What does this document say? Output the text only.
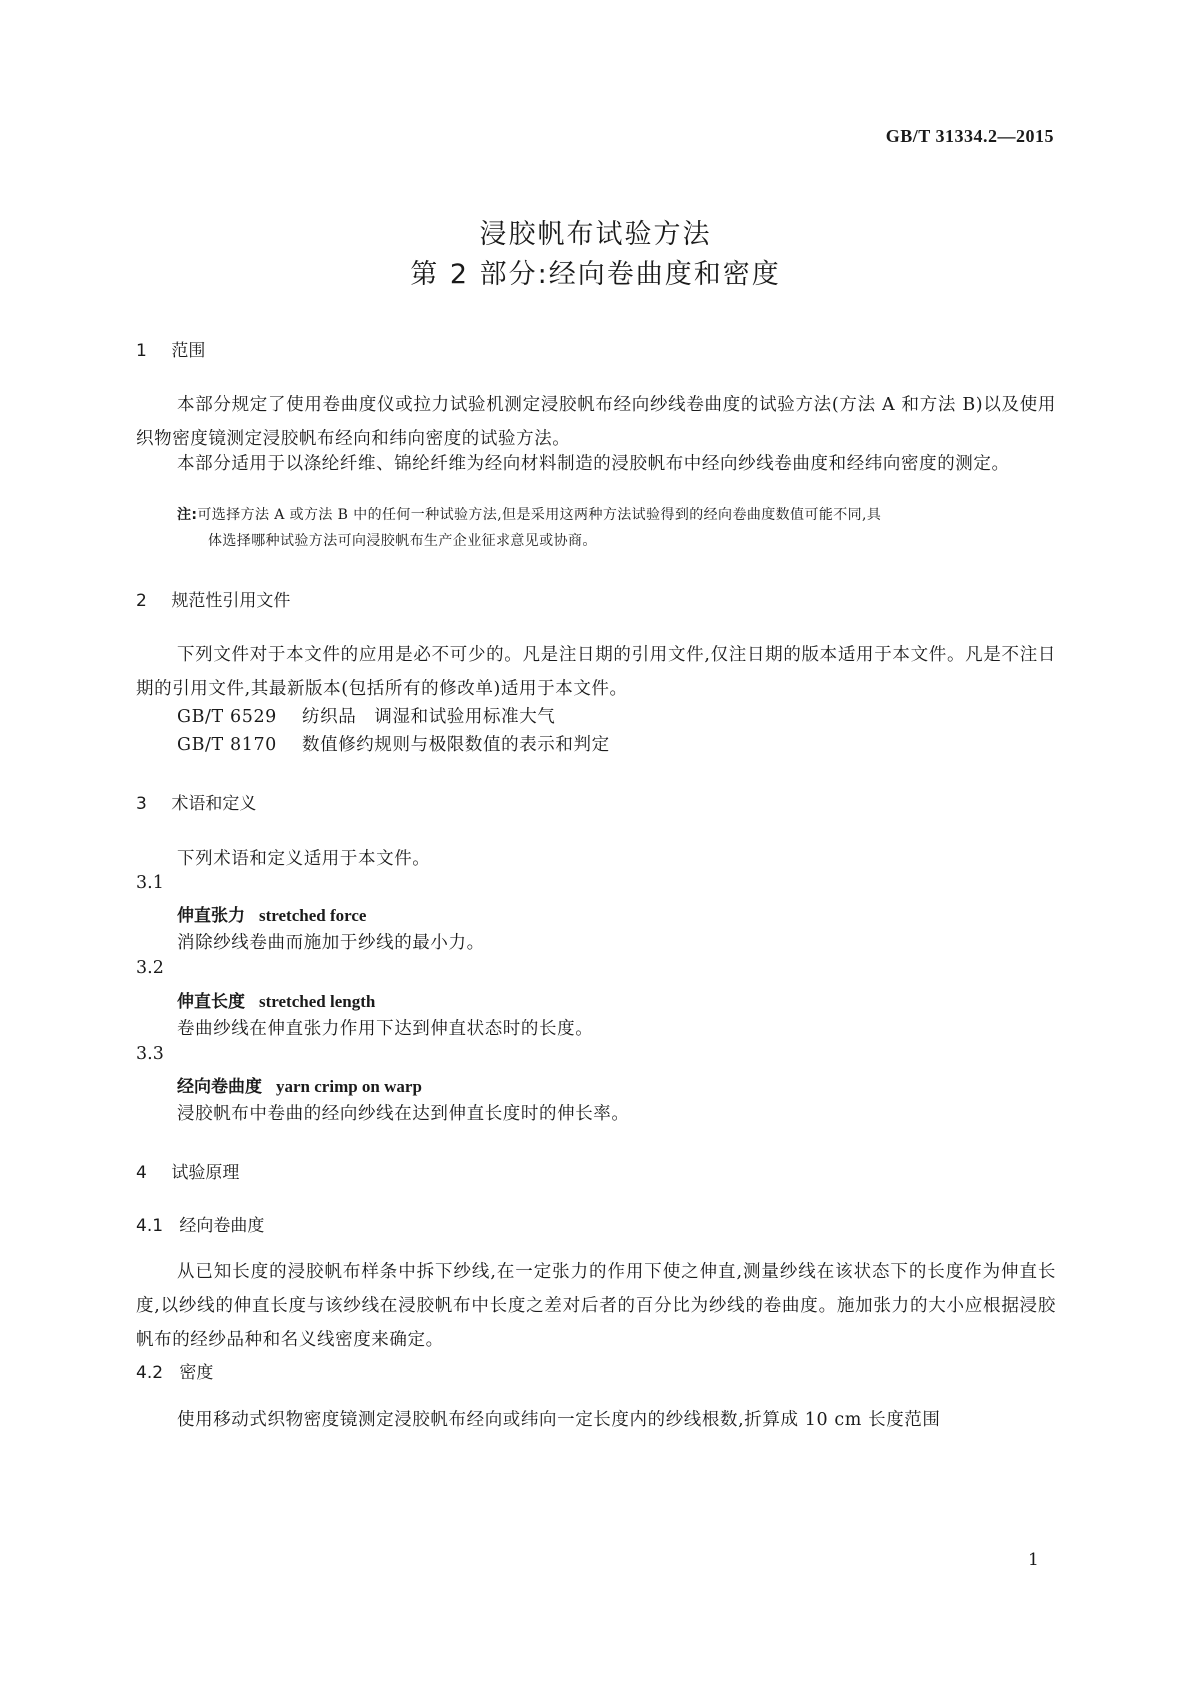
GB/T 31334.2—2015
浸胶帆布试验方法
第 2 部分:经向卷曲度和密度
1 范围
本部分规定了使用卷曲度仪或拉力试验机测定浸胶帆布经向纱线卷曲度的试验方法(方法 A 和方法 B)以及使用织物密度镜测定浸胶帆布经向和纬向密度的试验方法。
本部分适用于以涤纶纤维、锦纶纤维为经向材料制造的浸胶帆布中经向纱线卷曲度和经纬向密度的测定。
注:可选择方法 A 或方法 B 中的任何一种试验方法,但是采用这两种方法试验得到的经向卷曲度数值可能不同,具
体选择哪种试验方法可向浸胶帆布生产企业征求意见或协商。
2 规范性引用文件
下列文件对于本文件的应用是必不可少的。凡是注日期的引用文件,仅注日期的版本适用于本文件。凡是不注日期的引用文件,其最新版本(包括所有的修改单)适用于本文件。
GB/T 6529 纺织品　调湿和试验用标准大气
GB/T 8170 数值修约规则与极限数值的表示和判定
3 术语和定义
下列术语和定义适用于本文件。
3.1
伸直张力 stretched force
消除纱线卷曲而施加于纱线的最小力。
3.2
伸直长度 stretched length
卷曲纱线在伸直张力作用下达到伸直状态时的长度。
3.3
经向卷曲度 yarn crimp on warp
浸胶帆布中卷曲的经向纱线在达到伸直长度时的伸长率。
4 试验原理
4.1 经向卷曲度
从已知长度的浸胶帆布样条中拆下纱线,在一定张力的作用下使之伸直,测量纱线在该状态下的长度作为伸直长度,以纱线的伸直长度与该纱线在浸胶帆布中长度之差对后者的百分比为纱线的卷曲度。施加张力的大小应根据浸胶帆布的经纱品种和名义线密度来确定。
4.2 密度
使用移动式织物密度镜测定浸胶帆布经向或纬向一定长度内的纱线根数,折算成 10 cm 长度范围
1
